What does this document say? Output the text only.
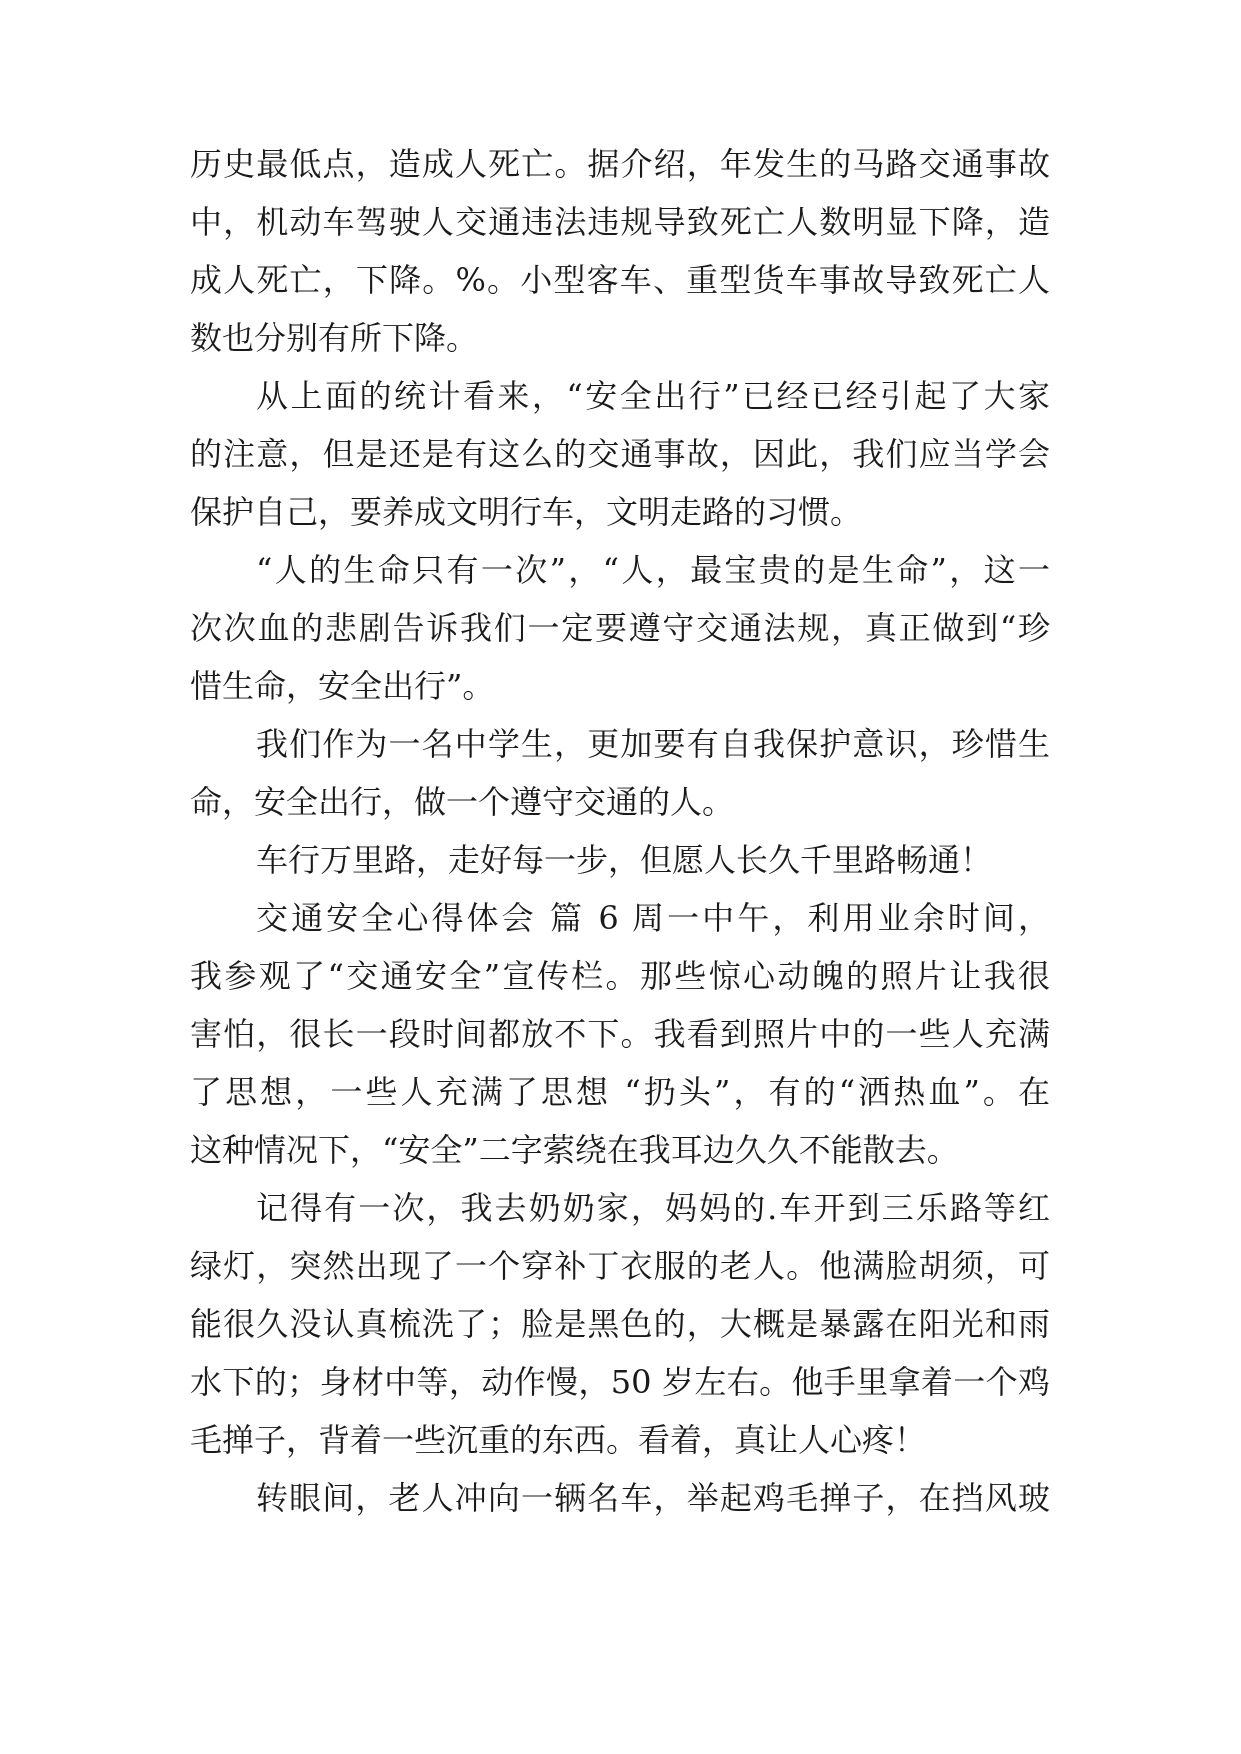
历史最低点，造成人死亡。据介绍，年发生的马路交通事故
中，机动车驾驶人交通违法违规导致死亡人数明显下降，造
成人死亡，下降。%。小型客车、重型货车事故导致死亡人
数也分别有所下降。
从上面的统计看来，“安全出行”已经已经引起了大家
的注意，但是还是有这么的交通事故，因此，我们应当学会
保护自己，要养成文明行车，文明走路的习惯。
“人的生命只有一次”，“人，最宝贵的是生命”，这一
次次血的悲剧告诉我们一定要遵守交通法规，真正做到“珍
惜生命，安全出行”。
我们作为一名中学生，更加要有自我保护意识，珍惜生
命，安全出行，做一个遵守交通的人。
车行万里路，走好每一步，但愿人长久千里路畅通！
交通安全心得体会 篇 6 周一中午，利用业余时间，
我参观了“交通安全”宣传栏。那些惊心动魄的照片让我很
害怕，很长一段时间都放不下。我看到照片中的一些人充满
了思想，一些人充满了思想 “扔头”，有的“洒热血”。在
这种情况下，“安全”二字萦绕在我耳边久久不能散去。
记得有一次，我去奶奶家，妈妈的.车开到三乐路等红
绿灯，突然出现了一个穿补丁衣服的老人。他满脸胡须，可
能很久没认真梳洗了；脸是黑色的，大概是暴露在阳光和雨
水下的；身材中等，动作慢，50 岁左右。他手里拿着一个鸡
毛掸子，背着一些沉重的东西。看着，真让人心疼！
转眼间，老人冲向一辆名车，举起鸡毛掸子，在挡风玻
